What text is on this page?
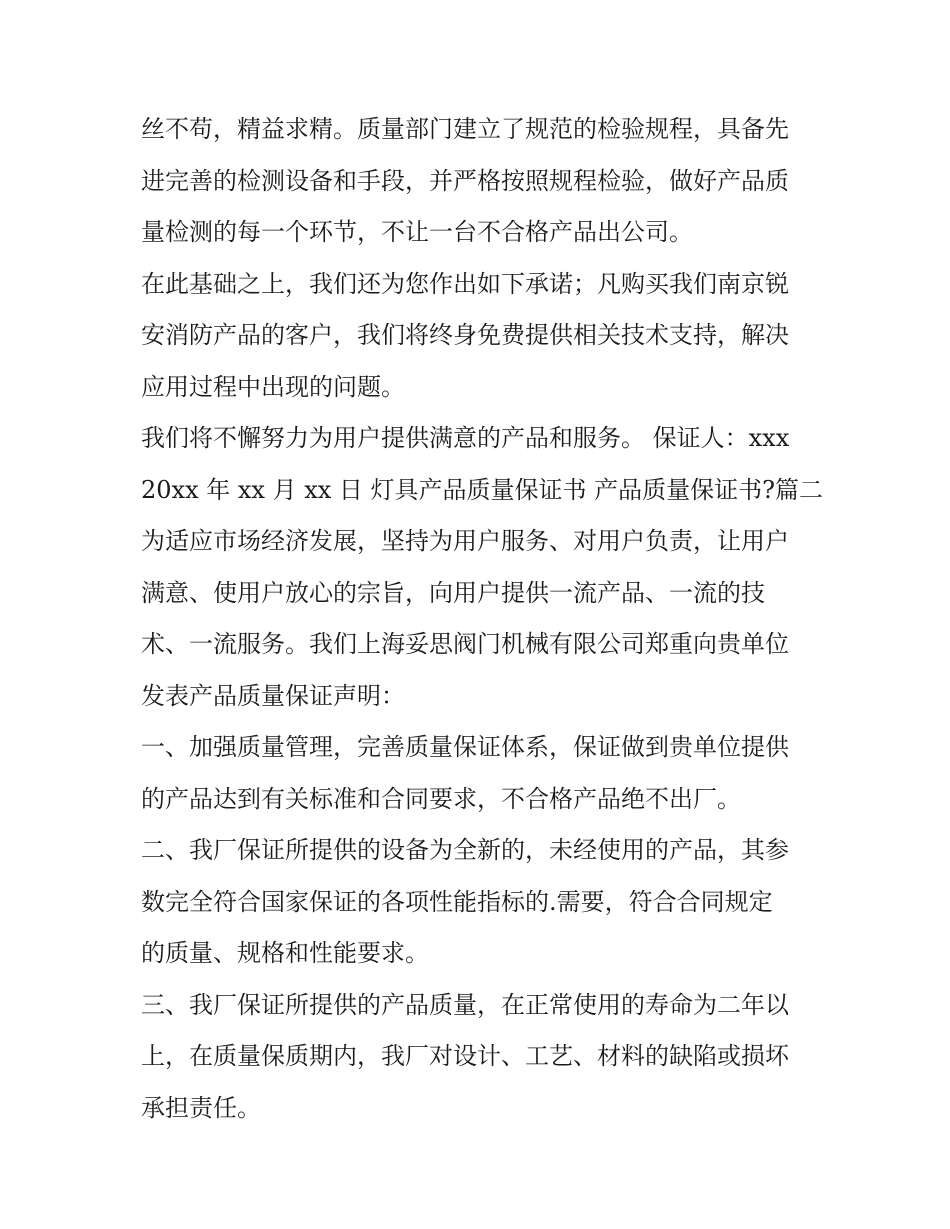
丝不苟，精益求精。质量部门建立了规范的检验规程，具备先
进完善的检测设备和手段，并严格按照规程检验，做好产品质
量检测的每一个环节，不让一台不合格产品出公司。
在此基础之上，我们还为您作出如下承诺；凡购买我们南京锐
安消防产品的客户，我们将终身免费提供相关技术支持，解决
应用过程中出现的问题。
我们将不懈努力为用户提供满意的产品和服务。 保证人：xxx
20xx 年 xx 月 xx 日 灯具产品质量保证书 产品质量保证书?篇二
为适应市场经济发展，坚持为用户服务、对用户负责，让用户
满意、使用户放心的宗旨，向用户提供一流产品、一流的技
术、一流服务。我们上海妥思阀门机械有限公司郑重向贵单位
发表产品质量保证声明：
一、加强质量管理，完善质量保证体系，保证做到贵单位提供
的产品达到有关标准和合同要求，不合格产品绝不出厂。
二、我厂保证所提供的设备为全新的，未经使用的产品，其参
数完全符合国家保证的各项性能指标的.需要，符合合同规定
的质量、规格和性能要求。
三、我厂保证所提供的产品质量，在正常使用的寿命为二年以
上，在质量保质期内，我厂对设计、工艺、材料的缺陷或损坏
承担责任。
